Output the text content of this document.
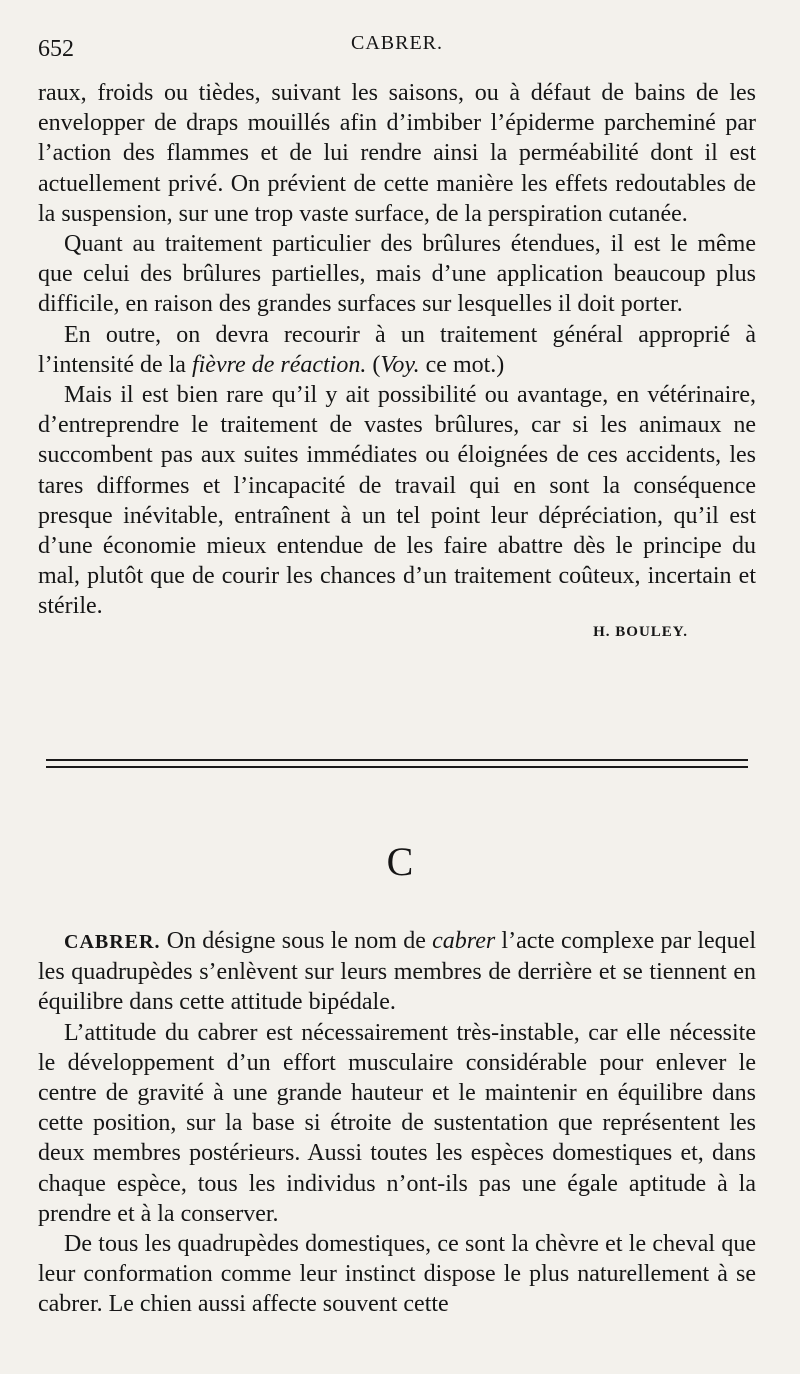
652	CABRER.

raux, froids ou tièdes, suivant les saisons, ou à défaut de bains de les envelopper de draps mouillés afin d’imbiber l’épiderme parcheminé par l’action des flammes et de lui rendre ainsi la perméabilité dont il est actuellement privé. On prévient de cette manière les effets redoutables de la suspension, sur une trop vaste surface, de la perspiration cutanée.

Quant au traitement particulier des brûlures étendues, il est le même que celui des brûlures partielles, mais d’une application beaucoup plus difficile, en raison des grandes surfaces sur lesquelles il doit porter.

En outre, on devra recourir à un traitement général approprié à l’intensité de la fièvre de réaction. (Voy. ce mot.)

Mais il est bien rare qu’il y ait possibilité ou avantage, en vétérinaire, d’entreprendre le traitement de vastes brûlures, car si les animaux ne succombent pas aux suites immédiates ou éloignées de ces accidents, les tares difformes et l’incapacité de travail qui en sont la conséquence presque inévitable, entraînent à un tel point leur dépréciation, qu’il est d’une économie mieux entendue de les faire abattre dès le principe du mal, plutôt que de courir les chances d’un traitement coûteux, incertain et stérile.

H. BOULEY.
C

CABRER. On désigne sous le nom de cabrer l’acte complexe par lequel les quadrupèdes s’enlèvent sur leurs membres de derrière et se tiennent en équilibre dans cette attitude bipédale.

L’attitude du cabrer est nécessairement très-instable, car elle nécessite le développement d’un effort musculaire considérable pour enlever le centre de gravité à une grande hauteur et le maintenir en équilibre dans cette position, sur la base si étroite de sustentation que représentent les deux membres postérieurs. Aussi toutes les espèces domestiques et, dans chaque espèce, tous les individus n’ont-ils pas une égale aptitude à la prendre et à la conserver.

De tous les quadrupèdes domestiques, ce sont la chèvre et le cheval que leur conformation comme leur instinct dispose le plus naturellement à se cabrer. Le chien aussi affecte souvent cette
